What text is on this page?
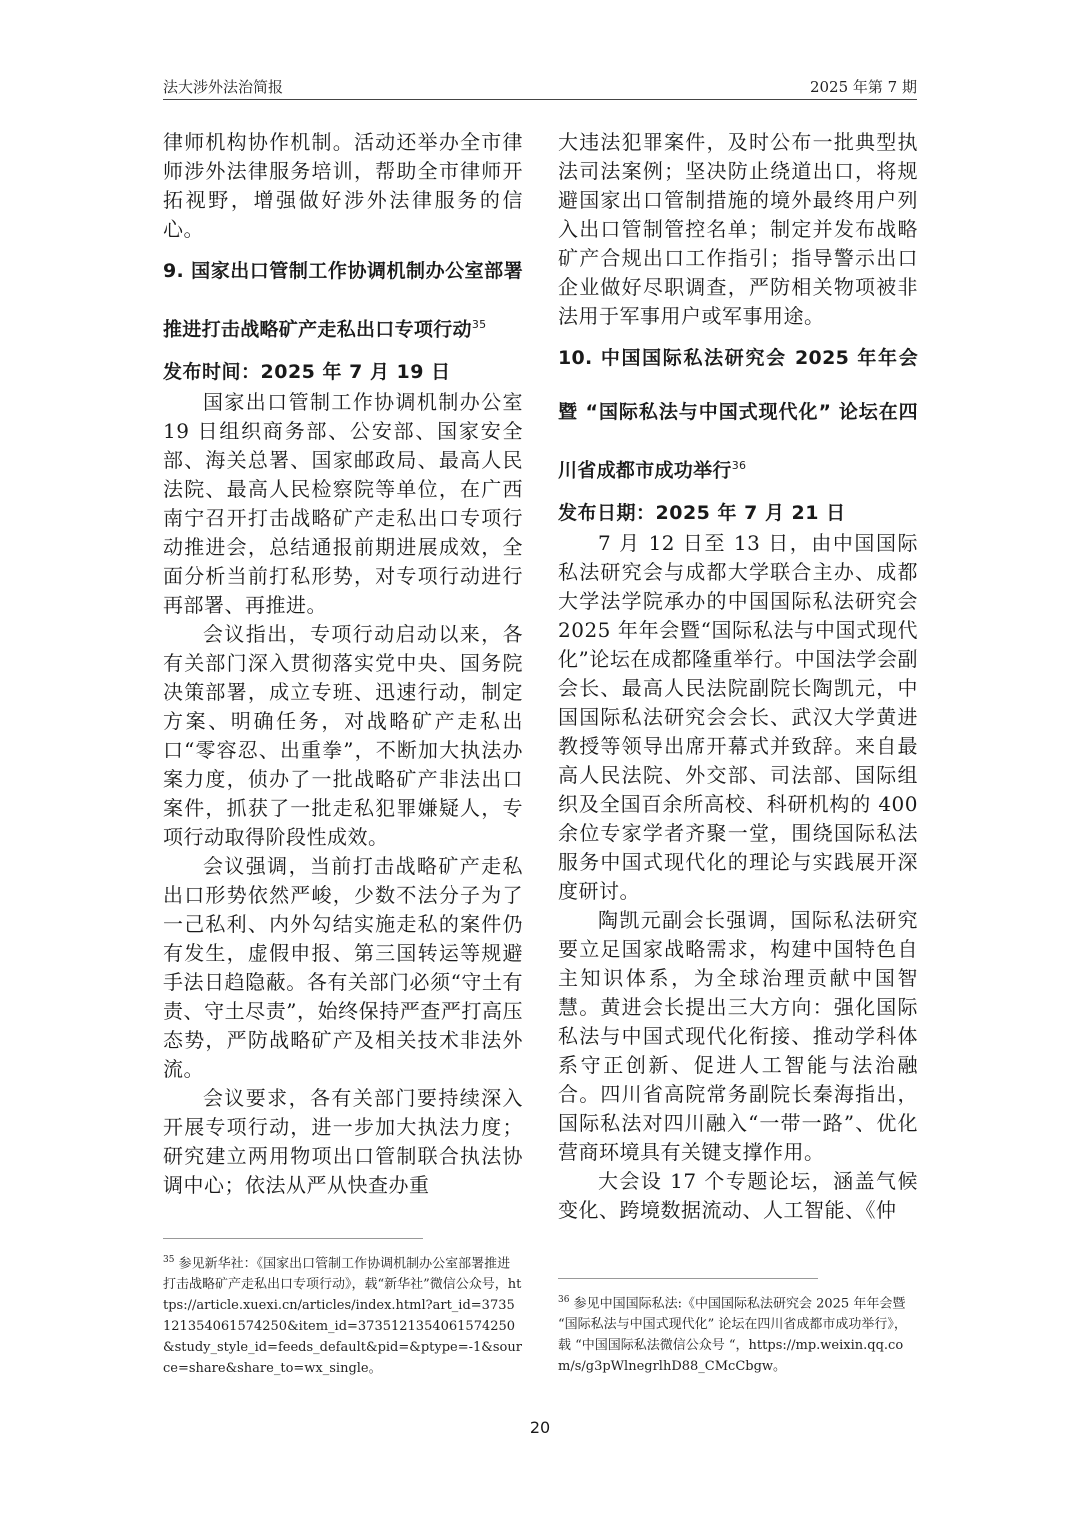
法大涉外法治简报	2025 年第 7 期

律师机构协作机制。活动还举办全市律师涉外法律服务培训，帮助全市律师开拓视野，增强做好涉外法律服务的信心。

9. 国家出口管制工作协调机制办公室部署推进打击战略矿产走私出口专项行动$^{35}$
发布时间：2025 年 7 月 19 日

国家出口管制工作协调机制办公室 19 日组织商务部、公安部、国家安全部、海关总署、国家邮政局、最高人民法院、最高人民检察院等单位，在广西南宁召开打击战略矿产走私出口专项行动推进会，总结通报前期进展成效，全面分析当前打私形势，对专项行动进行再部署、再推进。

会议指出，专项行动启动以来，各有关部门深入贯彻落实党中央、国务院决策部署，成立专班、迅速行动，制定方案、明确任务，对战略矿产走私出口“零容忍、出重拳”，不断加大执法办案力度，侦办了一批战略矿产非法出口案件，抓获了一批走私犯罪嫌疑人，专项行动取得阶段性成效。

会议强调，当前打击战略矿产走私出口形势依然严峻，少数不法分子为了一己私利、内外勾结实施走私的案件仍有发生，虚假申报、第三国转运等规避手法日趋隐蔽。各有关部门必须“守土有责、守土尽责”，始终保持严查严打高压态势，严防战略矿产及相关技术非法外流。

会议要求，各有关部门要持续深入开展专项行动，进一步加大执法力度；研究建立两用物项出口管制联合执法协调中心；依法从严从快查办重

大违法犯罪案件，及时公布一批典型执法司法案例；坚决防止绕道出口，将规避国家出口管制措施的境外最终用户列入出口管制管控名单；制定并发布战略矿产合规出口工作指引；指导警示出口企业做好尽职调查，严防相关物项被非法用于军事用户或军事用途。

10. 中国国际私法研究会 2025 年年会暨 “国际私法与中国式现代化” 论坛在四川省成都市成功举行$^{36}$
发布日期：2025 年 7 月 21 日

7 月 12 日至 13 日，由中国国际私法研究会与成都大学联合主办、成都大学法学院承办的中国国际私法研究会 2025 年年会暨“国际私法与中国式现代化”论坛在成都隆重举行。中国法学会副会长、最高人民法院副院长陶凯元，中国国际私法研究会会长、武汉大学黄进教授等领导出席开幕式并致辞。来自最高人民法院、外交部、司法部、国际组织及全国百余所高校、科研机构的 400 余位专家学者齐聚一堂，围绕国际私法服务中国式现代化的理论与实践展开深度研讨。

陶凯元副会长强调，国际私法研究要立足国家战略需求，构建中国特色自主知识体系，为全球治理贡献中国智慧。黄进会长提出三大方向：强化国际私法与中国式现代化衔接、推动学科体系守正创新、促进人工智能与法治融合。四川省高院常务副院长秦海指出，国际私法对四川融入“一带一路”、优化营商环境具有关键支撑作用。

大会设 17 个专题论坛，涵盖气候变化、跨境数据流动、人工智能、《仲

$^{35}$ 参见新华社：《国家出口管制工作协调机制办公室部署推进打击战略矿产走私出口专项行动》，载“新华社”微信公众号，https://article.xuexi.cn/articles/index.html?art_id=3735121354061574250&item_id=3735121354061574250&study_style_id=feeds_default&pid=&ptype=-1&source=share&share_to=wx_single。
$^{36}$ 参见中国国际私法:《中国国际私法研究会 2025 年年会暨 “国际私法与中国式现代化” 论坛在四川省成都市成功举行》，载 “中国国际私法微信公众号 “，https://mp.weixin.qq.com/s/g3pWlnegrlhD88_CMcCbgw。
20
